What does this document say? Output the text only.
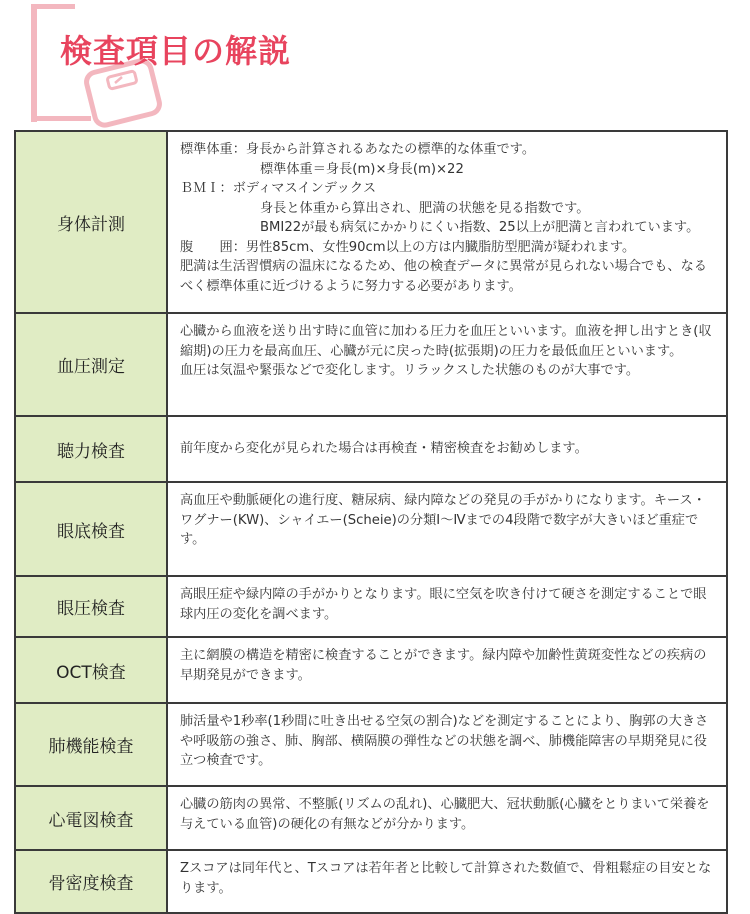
検査項目の解説
身体計測

標準体重：身長から計算されるあなたの標準的な体重です。

標準体重＝身長(m)×身長(m)×22

ＢＭＩ：ボディマスインデックス

身長と体重から算出され、肥満の状態を見る指数です。

BMI22が最も病気にかかりにくい指数、25以上が肥満と言われています。

腹　　囲：男性85cm、女性90cm以上の方は内臓脂肪型肥満が疑われます。

肥満は生活習慣病の温床になるため、他の検査データに異常が見られない場合でも、なるべく標準体重に近づけるように努力する必要があります。

血圧測定

心臓から血液を送り出す時に血管に加わる圧力を血圧といいます。血液を押し出すとき(収縮期)の圧力を最高血圧、心臓が元に戻った時(拡張期)の圧力を最低血圧といいます。

血圧は気温や緊張などで変化します。リラックスした状態のものが大事です。

聴力検査	前年度から変化が見られた場合は再検査・精密検査をお勧めします。

眼底検査

高血圧や動脈硬化の進行度、糖尿病、緑内障などの発見の手がかりになります。キース・ワグナー(KW)、シャイエー(Scheie)の分類Ⅰ～Ⅳまでの4段階で数字が大きいほど重症です。

眼圧検査

高眼圧症や緑内障の手がかりとなります。眼に空気を吹き付けて硬さを測定することで眼球内圧の変化を調べます。

OCT検査

主に網膜の構造を精密に検査することができます。緑内障や加齢性黄斑変性などの疾病の早期発見ができます。

肺機能検査

肺活量や1秒率(1秒間に吐き出せる空気の割合)などを測定することにより、胸郭の大きさや呼吸筋の強さ、肺、胸部、横隔膜の弾性などの状態を調べ、肺機能障害の早期発見に役立つ検査です。

心電図検査

心臓の筋肉の異常、不整脈(リズムの乱れ)、心臓肥大、冠状動脈(心臓をとりまいて栄養を与えている血管)の硬化の有無などが分かります。

骨密度検査

Zスコアは同年代と、Tスコアは若年者と比較して計算された数値で、骨粗鬆症の目安となります。
